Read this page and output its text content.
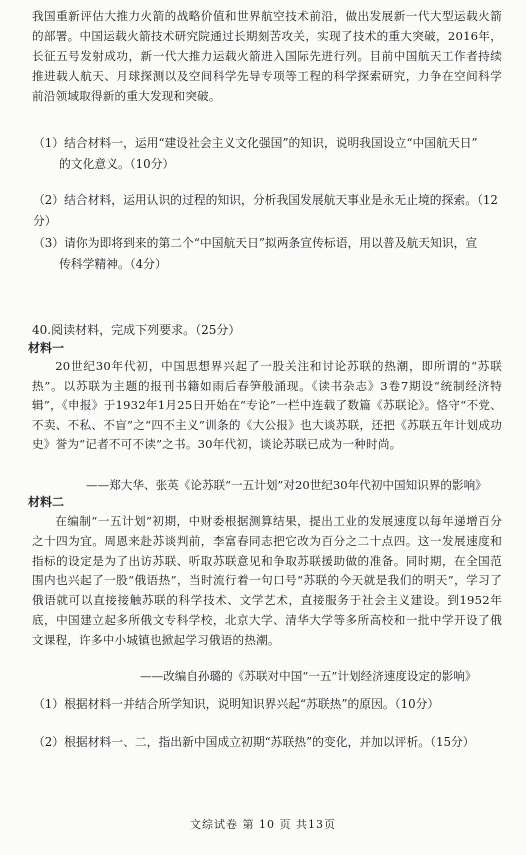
我国重新评估大推力火箭的战略价值和世界航空技术前沿，做出发展新一代大型运载火箭的部署。中国运载火箭技术研究院通过长期刻苦攻关，实现了技术的重大突破，2016年，长征五号发射成功，新一代大推力运载火箭进入国际先进行列。目前中国航天工作者持续推进载人航天、月球探测以及空间科学先导专项等工程的科学探索研究，力争在空间科学前沿领域取得新的重大发现和突破。

（1）结合材料一，运用“建设社会主义文化强国”的知识，说明我国设立“中国航天日”
的文化意义。（10分）

（2）结合材料，运用认识的过程的知识，分析我国发展航天事业是永无止境的探索。（12分）

（3）请你为即将到来的第二个“中国航天日”拟两条宣传标语，用以普及航天知识，宣
传科学精神。（4分）

40.阅读材料，完成下列要求。（25分）

材料一

20世纪30年代初，中国思想界兴起了一股关注和讨论苏联的热潮，即所谓的“苏联热”。以苏联为主题的报刊书籍如雨后春笋般涌现。《读书杂志》3卷7期设“统制经济特辑”，《申报》于1932年1月25日开始在“专论”一栏中连载了数篇《苏联论》。恪守“不党、不卖、不私、不盲”之“四不主义”训条的《大公报》也大谈苏联，还把《苏联五年计划成功史》誉为“记者不可不读”之书。30年代初，谈论苏联已成为一种时尚。

——郑大华、张英《论苏联“一五计划”对20世纪30年代初中国知识界的影响》

材料二

在编制“一五计划”初期，中财委根据测算结果，提出工业的发展速度以每年递增百分之十四为宜。周恩来赴苏谈判前，李富春同志把它改为百分之二十点四。这一发展速度和指标的设定是为了出访苏联、听取苏联意见和争取苏联援助做的准备。同时期，在全国范围内也兴起了一股“俄语热”，当时流行着一句口号“苏联的今天就是我们的明天”，学习了俄语就可以直接接触苏联的科学技术、文学艺术，直接服务于社会主义建设。到1952年底，中国建立起多所俄文专科学校，北京大学、清华大学等多所高校和一批中学开设了俄文课程，许多中小城镇也掀起学习俄语的热潮。

——改编自孙璐的《苏联对中国“一五”计划经济速度设定的影响》

（1）根据材料一并结合所学知识，说明知识界兴起“苏联热”的原因。（10分）

（2）根据材料一、二，指出新中国成立初期“苏联热”的变化，并加以评析。（15分）

文综试卷 第 10 页 共13页
